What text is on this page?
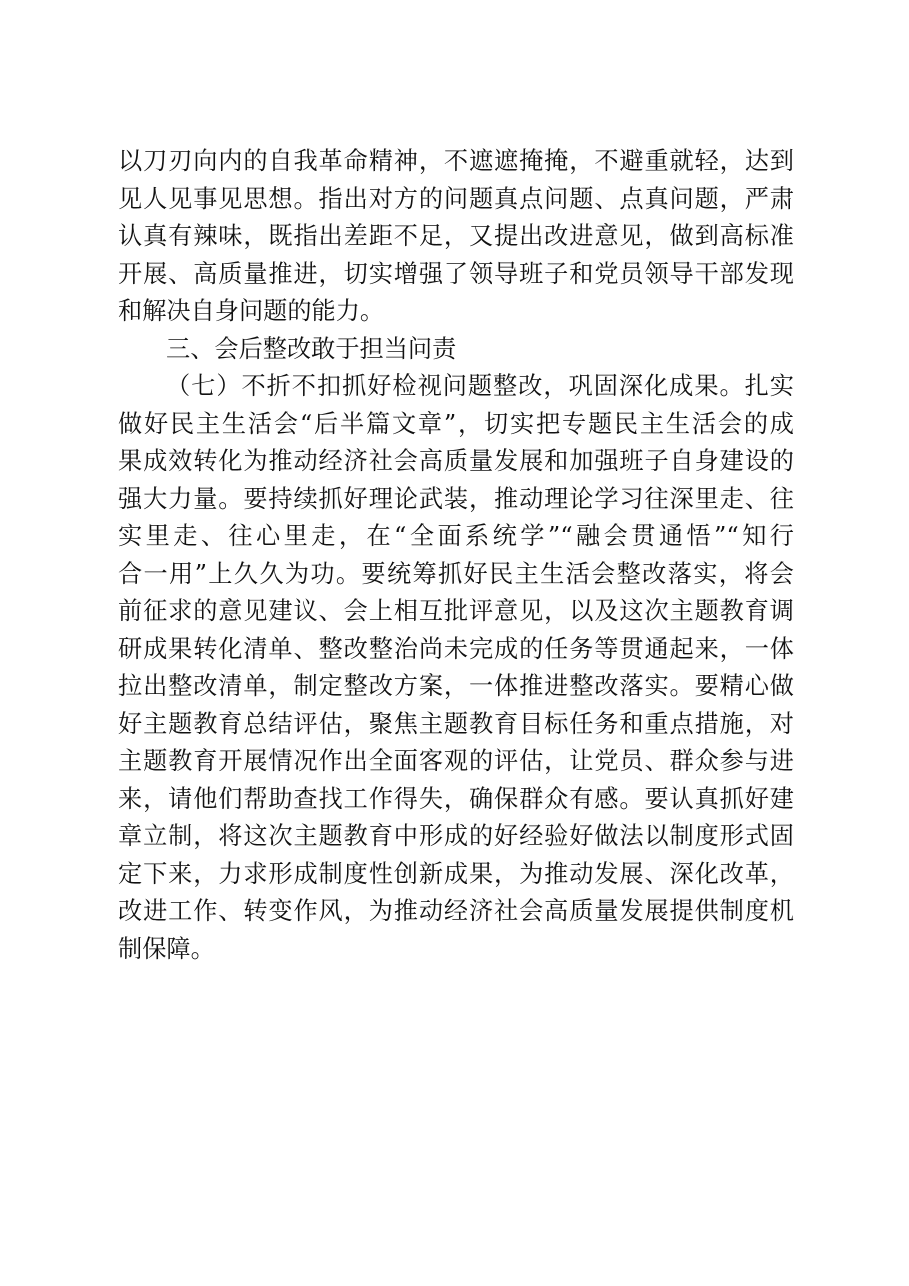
以刀刃向内的自我革命精神，不遮遮掩掩，不避重就轻，达到
见人见事见思想。指出对方的问题真点问题、点真问题，严肃
认真有辣味，既指出差距不足，又提出改进意见，做到高标准
开展、高质量推进，切实增强了领导班子和党员领导干部发现
和解决自身问题的能力。
三、会后整改敢于担当问责
（七）不折不扣抓好检视问题整改，巩固深化成果。扎实
做好民主生活会“后半篇文章”，切实把专题民主生活会的成
果成效转化为推动经济社会高质量发展和加强班子自身建设的
强大力量。要持续抓好理论武装，推动理论学习往深里走、往
实里走、往心里走，在“全面系统学”“融会贯通悟”“知行
合一用”上久久为功。要统筹抓好民主生活会整改落实，将会
前征求的意见建议、会上相互批评意见，以及这次主题教育调
研成果转化清单、整改整治尚未完成的任务等贯通起来，一体
拉出整改清单，制定整改方案，一体推进整改落实。要精心做
好主题教育总结评估，聚焦主题教育目标任务和重点措施，对
主题教育开展情况作出全面客观的评估，让党员、群众参与进
来，请他们帮助查找工作得失，确保群众有感。要认真抓好建
章立制，将这次主题教育中形成的好经验好做法以制度形式固
定下来，力求形成制度性创新成果，为推动发展、深化改革，
改进工作、转变作风，为推动经济社会高质量发展提供制度机
制保障。
